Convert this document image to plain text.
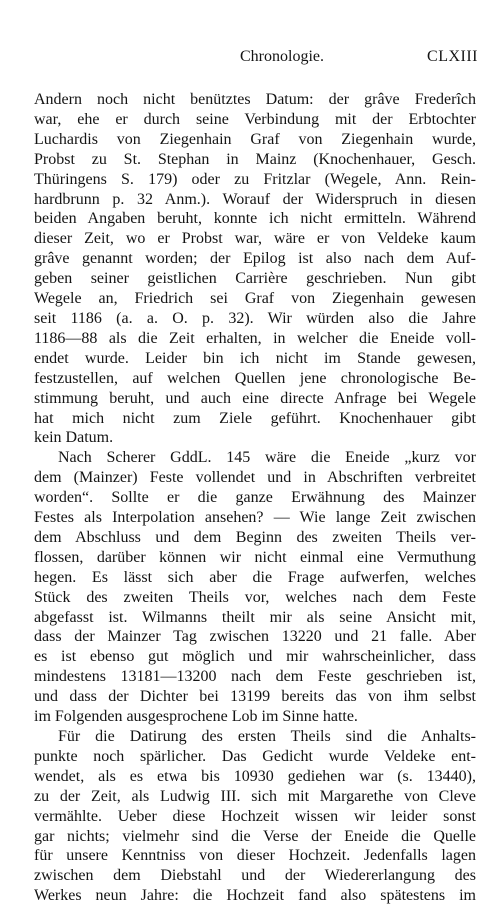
Chronologie.	CLXIII
Andern noch nicht benütztes Datum: der grâve Frederîch
war, ehe er durch seine Verbindung mit der Erbtochter
Luchardis von Ziegenhain Graf von Ziegenhain wurde,
Probst zu St. Stephan in Mainz (Knochenhauer, Gesch.
Thüringens S. 179) oder zu Fritzlar (Wegele, Ann. Rein-
hardbrunn p. 32 Anm.). Worauf der Widerspruch in diesen
beiden Angaben beruht, konnte ich nicht ermitteln. Während
dieser Zeit, wo er Probst war, wäre er von Veldeke kaum
grâve genannt worden; der Epilog ist also nach dem Auf-
geben seiner geistlichen Carrière geschrieben. Nun gibt
Wegele an, Friedrich sei Graf von Ziegenhain gewesen
seit 1186 (a. a. O. p. 32). Wir würden also die Jahre
1186—88 als die Zeit erhalten, in welcher die Eneide voll-
endet wurde. Leider bin ich nicht im Stande gewesen,
festzustellen, auf welchen Quellen jene chronologische Be-
stimmung beruht, und auch eine directe Anfrage bei Wegele
hat mich nicht zum Ziele geführt. Knochenhauer gibt
kein Datum.
Nach Scherer GddL. 145 wäre die Eneide „kurz vor
dem (Mainzer) Feste vollendet und in Abschriften verbreitet
worden“. Sollte er die ganze Erwähnung des Mainzer
Festes als Interpolation ansehen? — Wie lange Zeit zwischen
dem Abschluss und dem Beginn des zweiten Theils ver-
flossen, darüber können wir nicht einmal eine Vermuthung
hegen. Es lässt sich aber die Frage aufwerfen, welches
Stück des zweiten Theils vor, welches nach dem Feste
abgefasst ist. Wilmanns theilt mir als seine Ansicht mit,
dass der Mainzer Tag zwischen 13220 und 21 falle. Aber
es ist ebenso gut möglich und mir wahrscheinlicher, dass
mindestens 13181—13200 nach dem Feste geschrieben ist,
und dass der Dichter bei 13199 bereits das von ihm selbst
im Folgenden ausgesprochene Lob im Sinne hatte.
Für die Datirung des ersten Theils sind die Anhalts-
punkte noch spärlicher. Das Gedicht wurde Veldeke ent-
wendet, als es etwa bis 10930 gediehen war (s. 13440),
zu der Zeit, als Ludwig III. sich mit Margarethe von Cleve
vermählte. Ueber diese Hochzeit wissen wir leider sonst
gar nichts; vielmehr sind die Verse der Eneide die Quelle
für unsere Kenntniss von dieser Hochzeit. Jedenfalls lagen
zwischen dem Diebstahl und der Wiedererlangung des
Werkes neun Jahre: die Hochzeit fand also spätestens im
